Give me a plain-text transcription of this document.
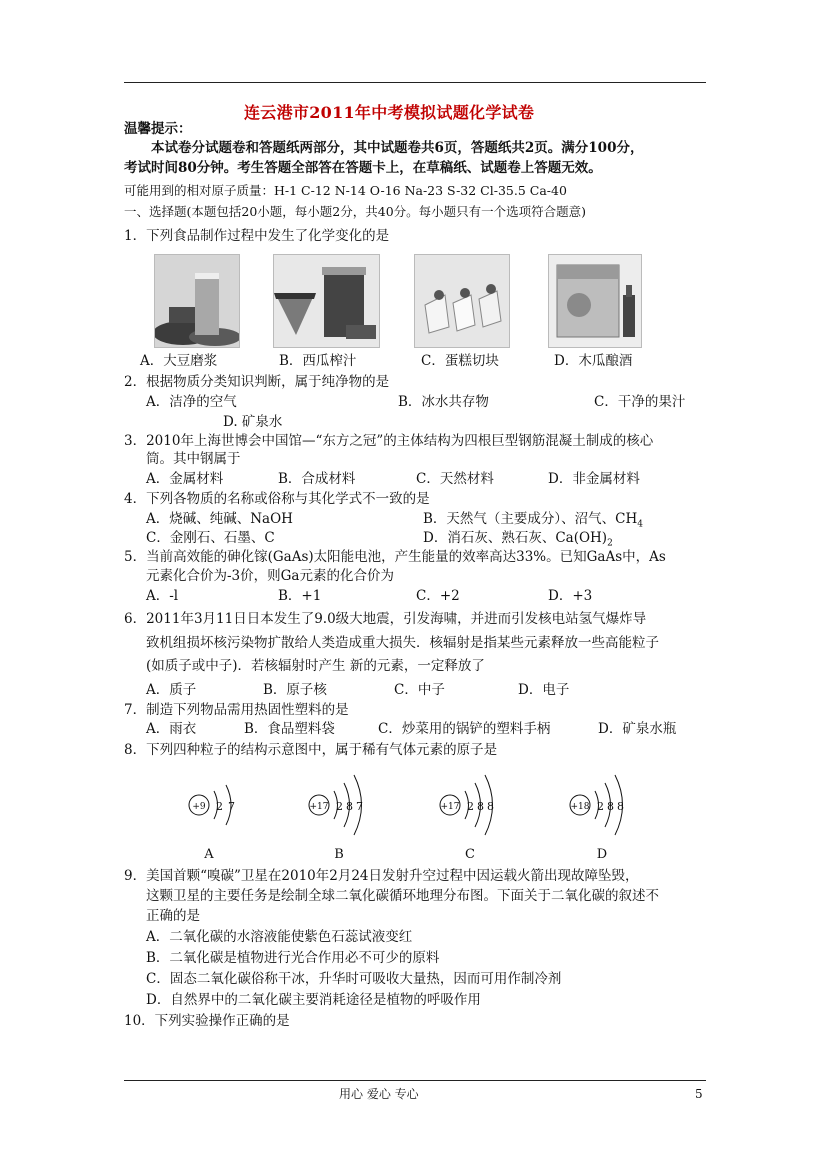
连云港市2011年中考模拟试题化学试卷
温馨提示：
本试卷分试题卷和答题纸两部分，其中试题卷共6页，答题纸共2页。满分100分，
考试时间80分钟。考生答题全部答在答题卡上，在草稿纸、试题卷上答题无效。
可能用到的相对原子质量：H-1 C-12 N-14 O-16 Na-23 S-32 Cl-35.5 Ca-40
一、选择题(本题包括20小题，每小题2分，共40分。每小题只有一个选项符合题意)
1．下列食品制作过程中发生了化学变化的是
A．大豆磨浆	B．西瓜榨汁	C．蛋糕切块	D．木瓜酿酒
2．根据物质分类知识判断，属于纯净物的是
A．洁净的空气	B．冰水共存物	C．干净的果汁
D. 矿泉水
3．2010年上海世博会中国馆—“东方之冠”的主体结构为四根巨型钢筋混凝土制成的核心
筒。其中钢属于
A．金属材料	B．合成材料	C．天然材料	D．非金属材料
4．下列各物质的名称或俗称与其化学式不一致的是
A．烧碱、纯碱、NaOH	B．天然气（主要成分）、沼气、$CH_4$
C．金刚石、石墨、C	D．消石灰、熟石灰、$Ca(OH)_2$
5．当前高效能的砷化镓(GaAs)太阳能电池，产生能量的效率高达33%。已知GaAs中，As
元素化合价为-3价，则Ga元素的化合价为
A．-l	B．+1	C．+2	D．+3
6．2011年3月11日日本发生了9.0级大地震，引发海啸，并进而引发核电站氢气爆炸导
致机组损坏核污染物扩散给人类造成重大损失．核辐射是指某些元素释放一些高能粒子
(如质子或中子)．若核辐射时产生 新的元素，一定释放了
A．质子	B．原子核	C．中子	D．电子
7．制造下列物品需用热固性塑料的是
A．雨衣	B．食品塑料袋	C．炒菜用的锅铲的塑料手柄	D．矿泉水瓶
8．下列四种粒子的结构示意图中，属于稀有气体元素的原子是
+9 2 7
A
+17 2 8 7
B
+17 2 8 8
C
+18 2 8 8
D
9．美国首颗“嗅碳”卫星在2010年2月24日发射升空过程中因运载火箭出现故障坠毁，
这颗卫星的主要任务是绘制全球二氧化碳循环地理分布图。下面关于二氧化碳的叙述不
正确的是
A．二氧化碳的水溶液能使紫色石蕊试液变红
B．二氧化碳是植物进行光合作用必不可少的原料
C．固态二氧化碳俗称干冰，升华时可吸收大量热，因而可用作制冷剂
D．自然界中的二氧化碳主要消耗途径是植物的呼吸作用
10．下列实验操作正确的是
用心 爱心 专心	5
